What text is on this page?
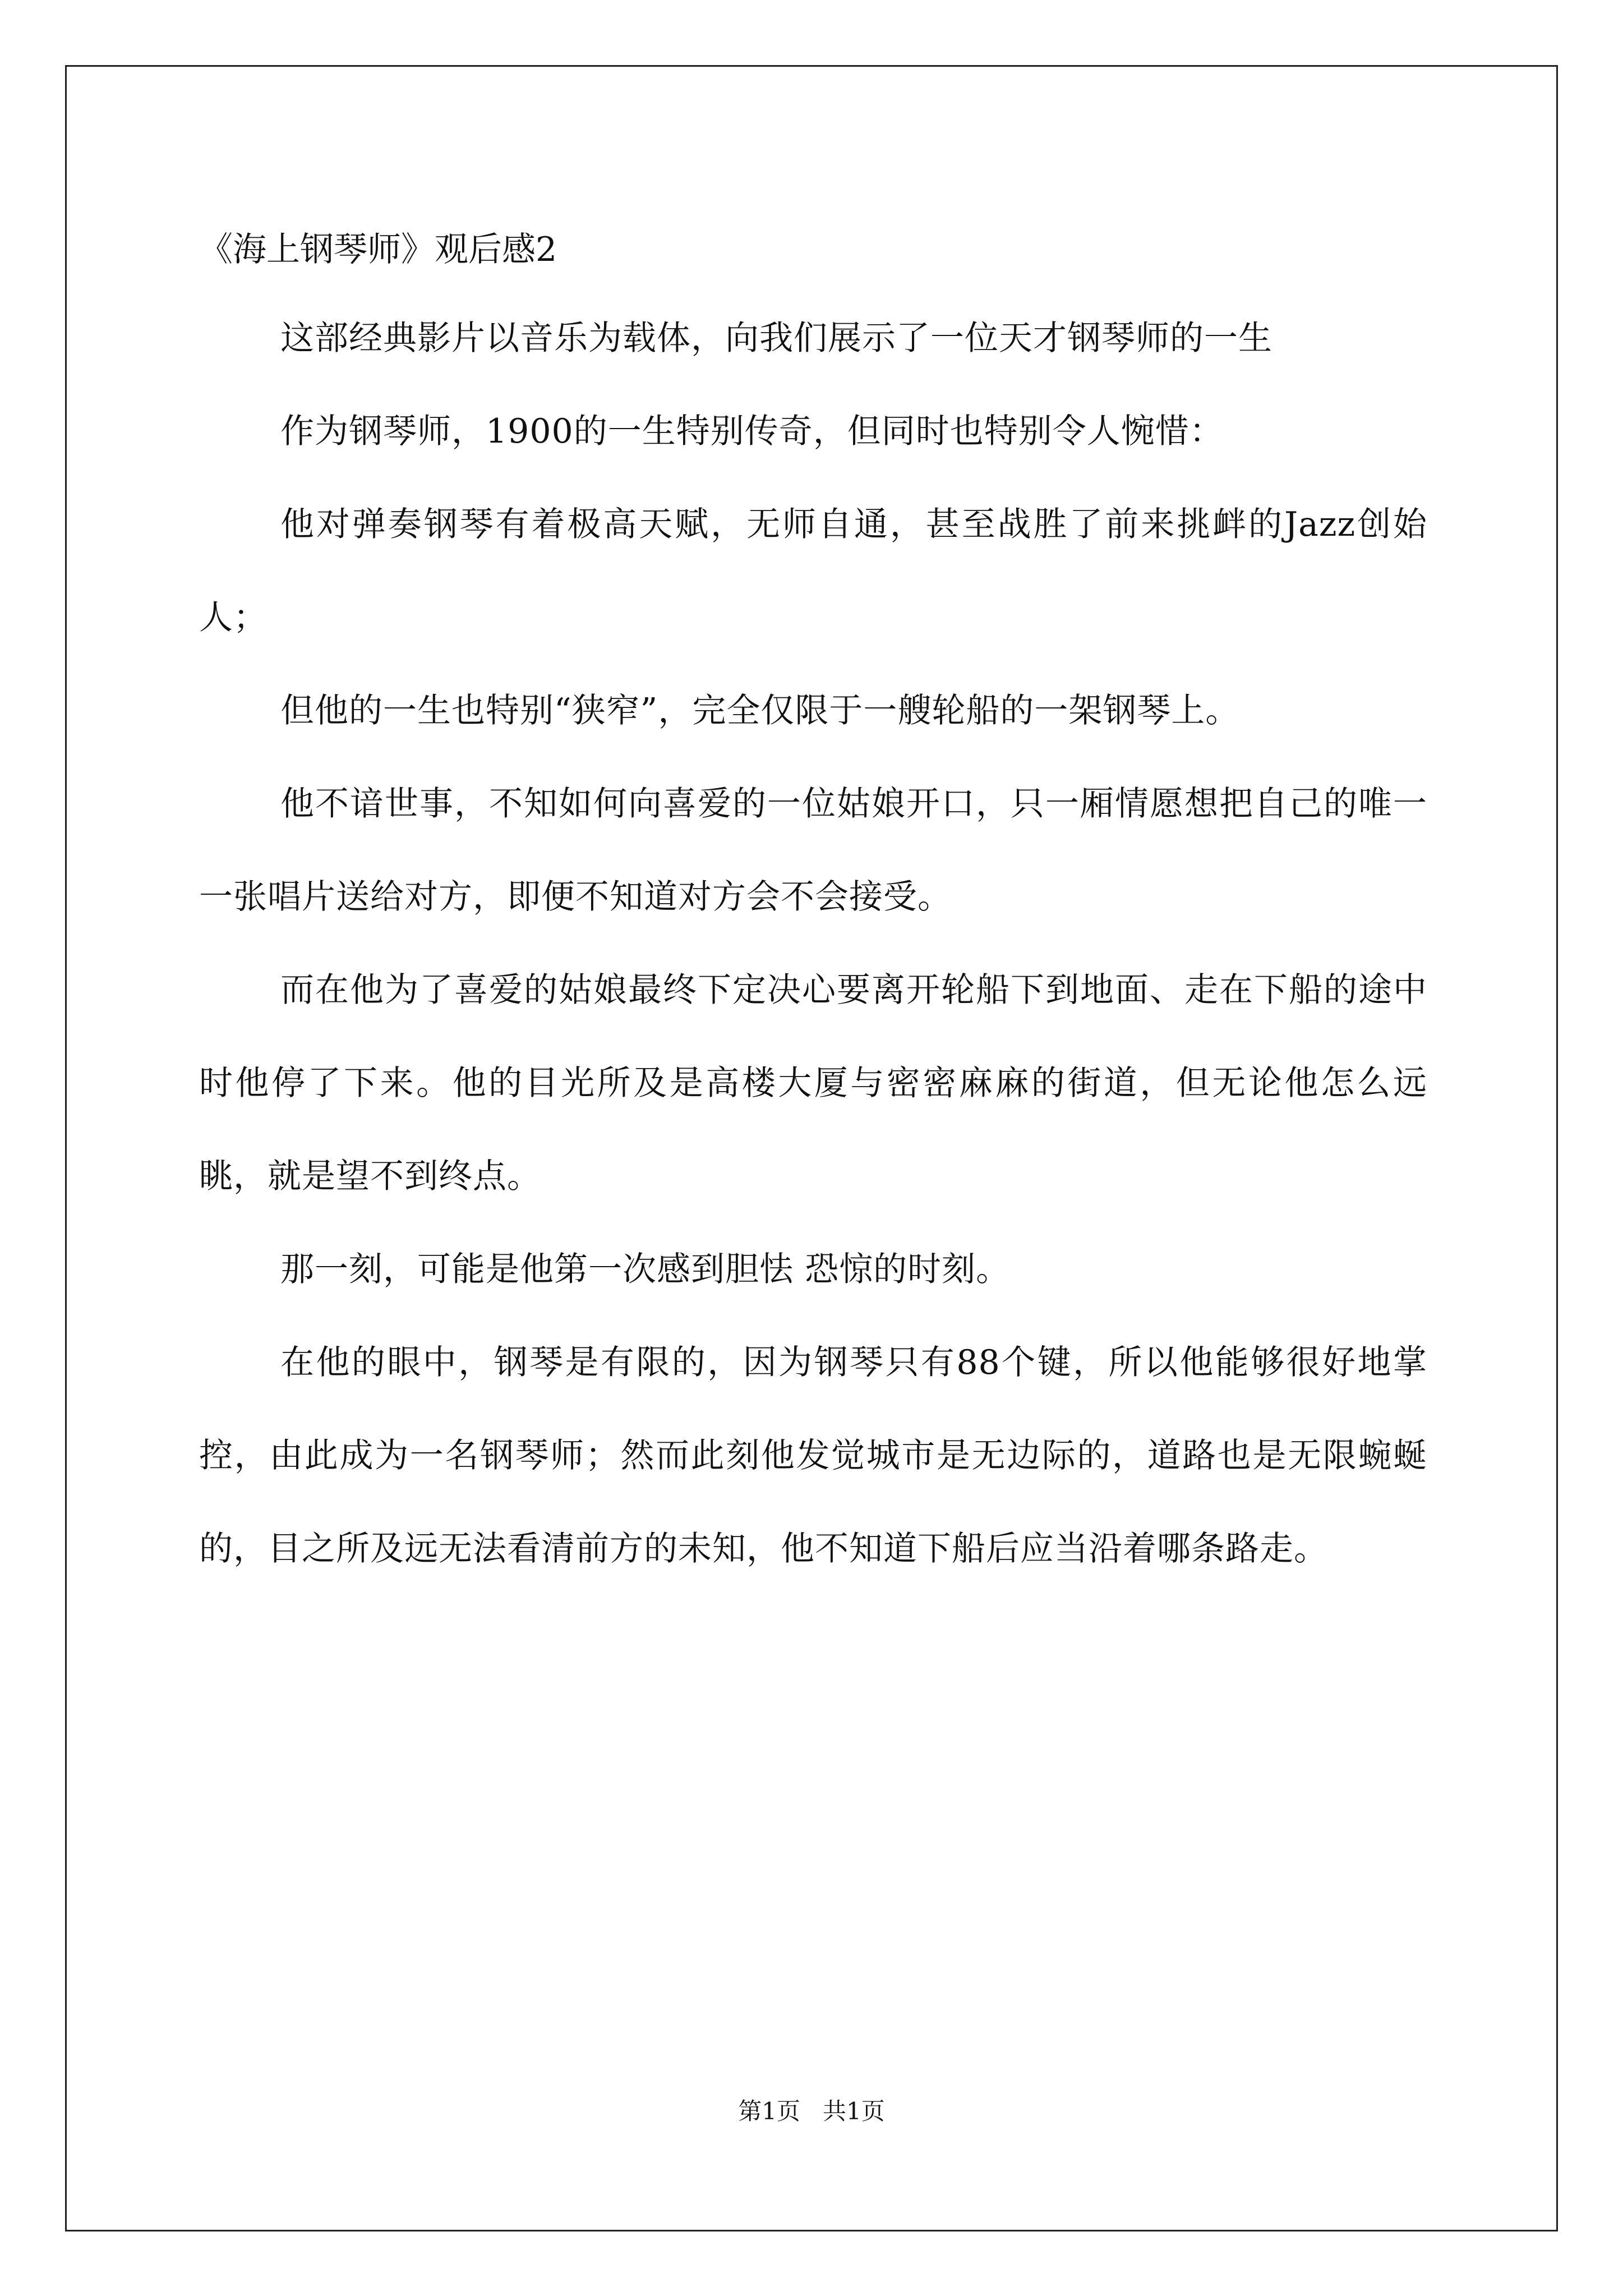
《海上钢琴师》观后感2

这部经典影片以音乐为载体，向我们展示了一位天才钢琴师的一生

作为钢琴师，1900的一生特别传奇，但同时也特别令人惋惜：

他对弹奏钢琴有着极高天赋，无师自通，甚至战胜了前来挑衅的Jazz创始人；

但他的一生也特别“狭窄”，完全仅限于一艘轮船的一架钢琴上。

他不谙世事，不知如何向喜爱的一位姑娘开口，只一厢情愿想把自己的唯一一张唱片送给对方，即便不知道对方会不会接受。

而在他为了喜爱的姑娘最终下定决心要离开轮船下到地面、走在下船的途中时他停了下来。他的目光所及是高楼大厦与密密麻麻的街道，但无论他怎么远眺，就是望不到终点。

那一刻，可能是他第一次感到胆怯 恐惊的时刻。

在他的眼中，钢琴是有限的，因为钢琴只有88个键，所以他能够很好地掌控，由此成为一名钢琴师；然而此刻他发觉城市是无边际的，道路也是无限蜿蜒的，目之所及远无法看清前方的未知，他不知道下船后应当沿着哪条路走。

第1页 共1页
